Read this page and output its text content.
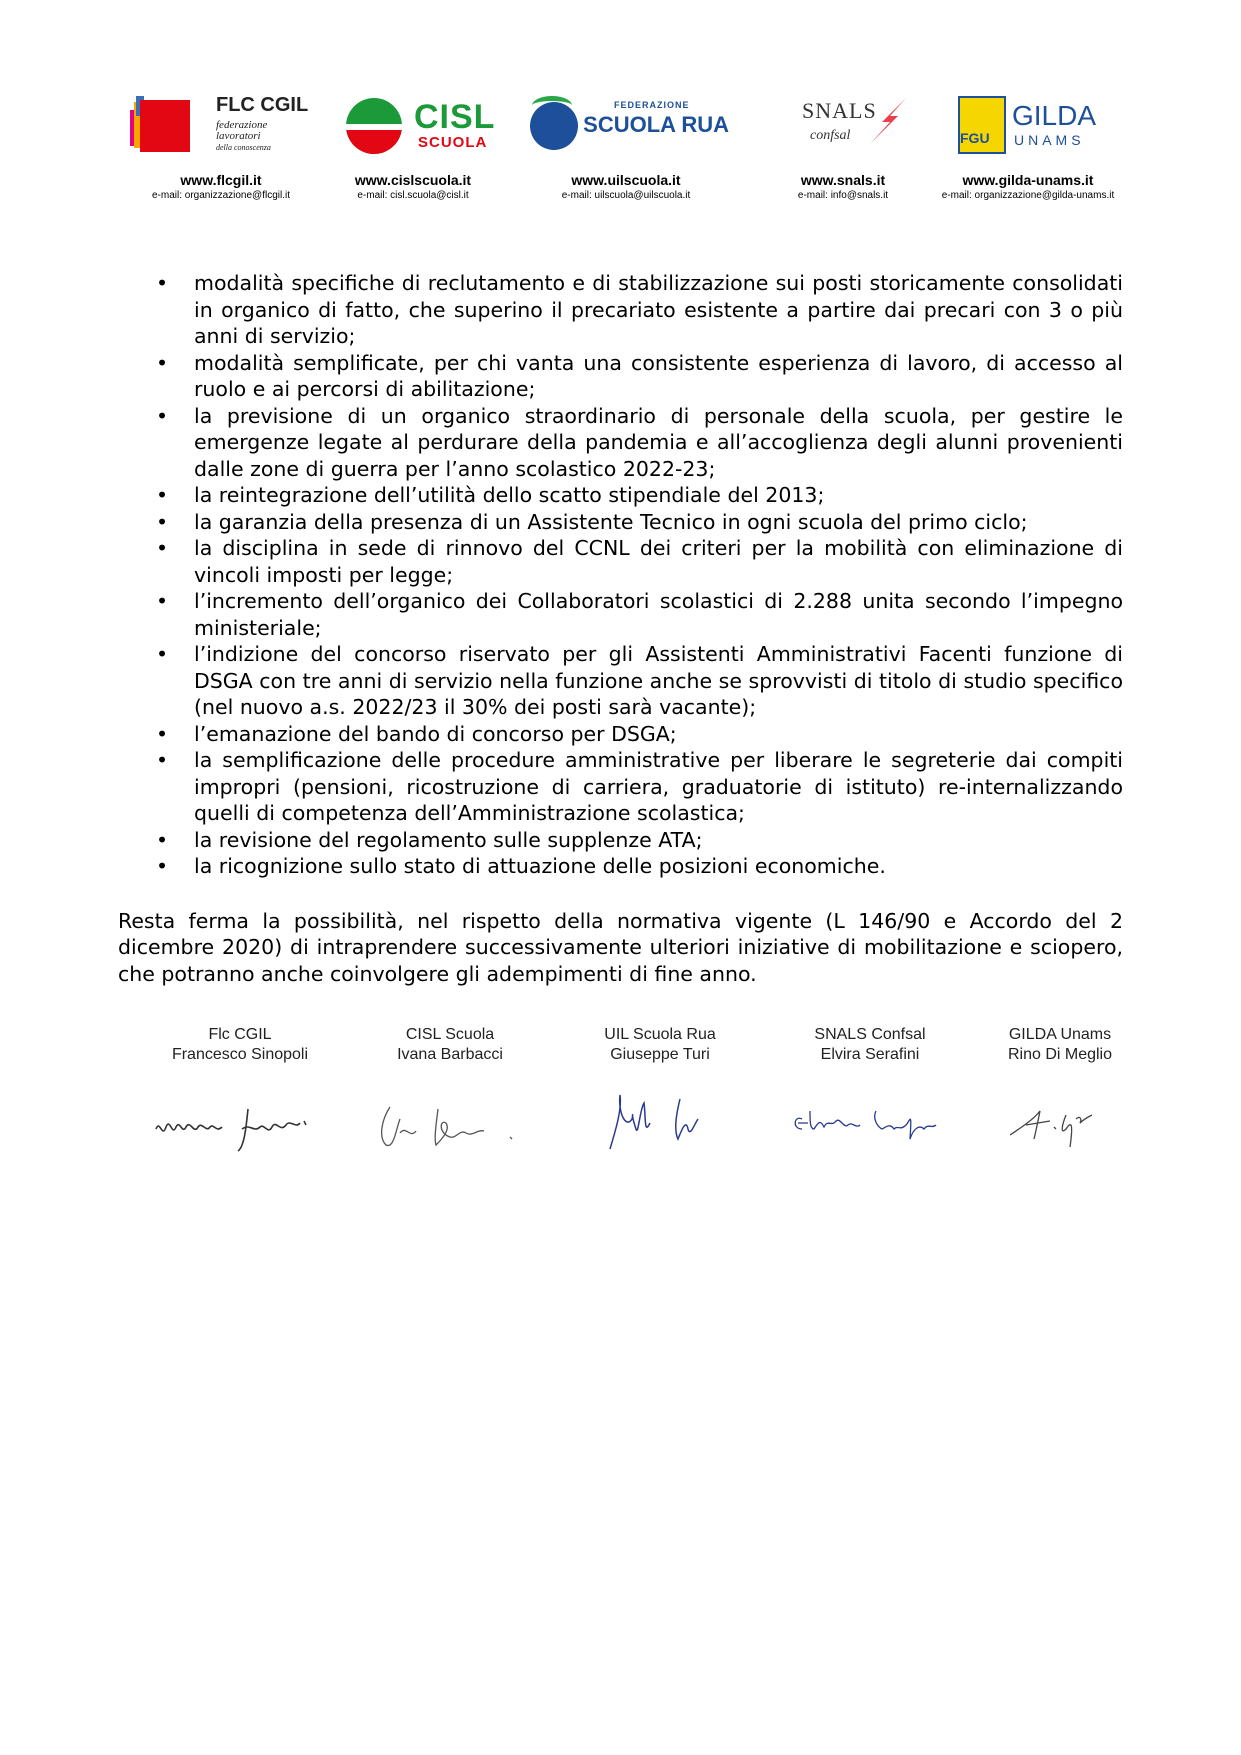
FLC CGIL
federazione
lavoratori
della conoscenza
www.flcgil.it
e-mail: organizzazione@flcgil.it
CISL
SCUOLA
www.cislscuola.it
e-mail: cisl.scuola@cisl.it
FEDERAZIONE
UIL SCUOLA RUA
www.uilscuola.it
e-mail: uilscuola@uilscuola.it
SNALS
confsal
www.snals.it
e-mail: info@snals.it
GILDA
FGU UNAMS
www.gilda-unams.it
e-mail: organizzazione@gilda-unams.it
• modalità specifiche di reclutamento e di stabilizzazione sui posti storicamente consolidati in organico di fatto, che superino il precariato esistente a partire dai precari con 3 o più anni di servizio;
• modalità semplificate, per chi vanta una consistente esperienza di lavoro, di accesso al ruolo e ai percorsi di abilitazione;
• la previsione di un organico straordinario di personale della scuola, per gestire le emergenze legate al perdurare della pandemia e all’accoglienza degli alunni provenienti dalle zone di guerra per l’anno scolastico 2022-23;
• la reintegrazione dell’utilità dello scatto stipendiale del 2013;
• la garanzia della presenza di un Assistente Tecnico in ogni scuola del primo ciclo;
• la disciplina in sede di rinnovo del CCNL dei criteri per la mobilità con eliminazione di vincoli imposti per legge;
• l’incremento dell’organico dei Collaboratori scolastici di 2.288 unita secondo l’impegno ministeriale;
• l’indizione del concorso riservato per gli Assistenti Amministrativi Facenti funzione di DSGA con tre anni di servizio nella funzione anche se sprovvisti di titolo di studio specifico (nel nuovo a.s. 2022/23 il 30% dei posti sarà vacante);
• l’emanazione del bando di concorso per DSGA;
• la semplificazione delle procedure amministrative per liberare le segreterie dai compiti impropri (pensioni, ricostruzione di carriera, graduatorie di istituto) re-internalizzando quelli di competenza dell’Amministrazione scolastica;
• la revisione del regolamento sulle supplenze ATA;
• la ricognizione sullo stato di attuazione delle posizioni economiche.

Resta ferma la possibilità, nel rispetto della normativa vigente (L 146/90 e Accordo del 2 dicembre 2020) di intraprendere successivamente ulteriori iniziative di mobilitazione e sciopero, che potranno anche coinvolgere gli adempimenti di fine anno.

Flc CGIL
Francesco Sinopoli
CISL Scuola
Ivana Barbacci
UIL Scuola Rua
Giuseppe Turi
SNALS Confsal
Elvira Serafini
GILDA Unams
Rino Di Meglio
